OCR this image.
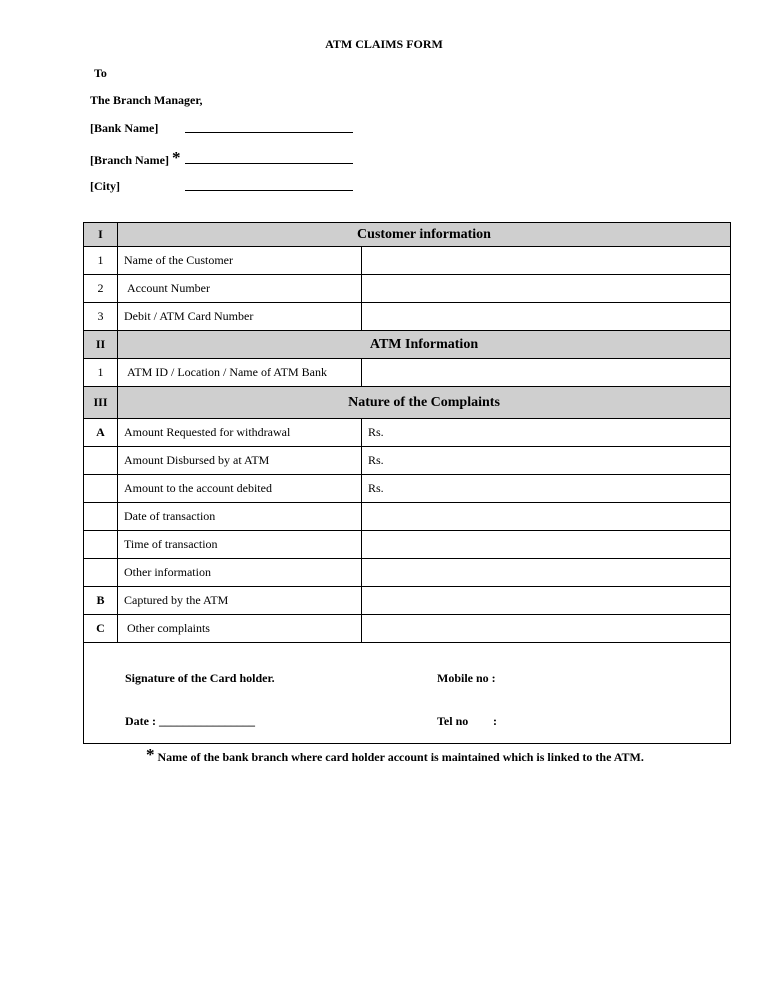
ATM CLAIMS FORM
To
The Branch Manager,
[Bank Name]
[Branch Name] *
[City]
I	Customer information	
1	Name of the Customer	
2	Account Number	
3	Debit / ATM Card Number	
II	ATM Information	
1	ATM ID / Location / Name of ATM Bank	
III	Nature of the Complaints	
A	Amount Requested for withdrawal	Rs.
	Amount Disbursed by at ATM	Rs.
	Amount to the account debited	Rs.
	Date of transaction	
	Time of transaction	
	Other information	
B	Captured by the ATM	
C	Other complaints	

Signature of the Card holder. Mobile no :
Date : ________________ Tel no :		
* Name of the bank branch where card holder account is maintained which is linked to the ATM.
